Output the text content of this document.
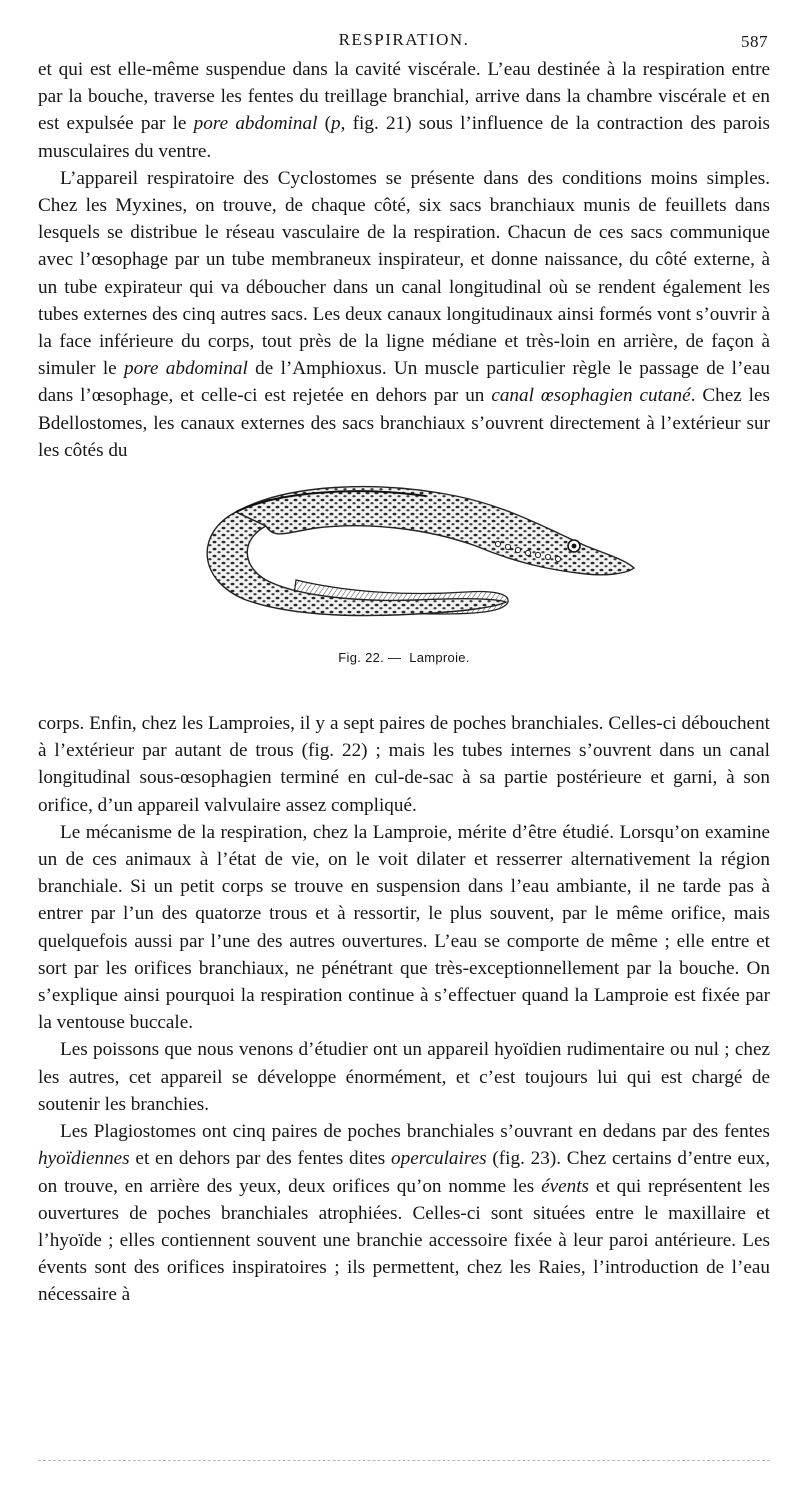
RESPIRATION.	587

et qui est elle-même suspendue dans la cavité viscérale. L’eau destinée à la respiration entre par la bouche, traverse les fentes du treillage branchial, arrive dans la chambre viscérale et en est expulsée par le pore abdominal (p, fig. 21) sous l’influence de la contraction des parois musculaires du ventre.

L’appareil respiratoire des Cyclostomes se présente dans des conditions moins simples. Chez les Myxines, on trouve, de chaque côté, six sacs branchiaux munis de feuillets dans lesquels se distribue le réseau vasculaire de la respiration. Chacun de ces sacs communique avec l’œsophage par un tube membraneux inspirateur, et donne naissance, du côté externe, à un tube expirateur qui va déboucher dans un canal longitudinal où se rendent également les tubes externes des cinq autres sacs. Les deux canaux longitudinaux ainsi formés vont s’ouvrir à la face inférieure du corps, tout près de la ligne médiane et très-loin en arrière, de façon à simuler le pore abdominal de l’Amphioxus. Un muscle particulier règle le passage de l’eau dans l’œsophage, et celle-ci est rejetée en dehors par un canal œsophagien cutané. Chez les Bdellostomes, les canaux externes des sacs branchiaux s’ouvrent directement à l’extérieur sur les côtés du

Fig. 22. — Lamproie.

corps. Enfin, chez les Lamproies, il y a sept paires de poches branchiales. Celles-ci débouchent à l’extérieur par autant de trous (fig. 22) ; mais les tubes internes s’ouvrent dans un canal longitudinal sous-œsophagien terminé en cul-de-sac à sa partie postérieure et garni, à son orifice, d’un appareil valvulaire assez compliqué.

Le mécanisme de la respiration, chez la Lamproie, mérite d’être étudié. Lorsqu’on examine un de ces animaux à l’état de vie, on le voit dilater et resserrer alternativement la région branchiale. Si un petit corps se trouve en suspension dans l’eau ambiante, il ne tarde pas à entrer par l’un des quatorze trous et à ressortir, le plus souvent, par le même orifice, mais quelquefois aussi par l’une des autres ouvertures. L’eau se comporte de même ; elle entre et sort par les orifices branchiaux, ne pénétrant que très-exceptionnellement par la bouche. On s’explique ainsi pourquoi la respiration continue à s’effectuer quand la Lamproie est fixée par la ventouse buccale.

Les poissons que nous venons d’étudier ont un appareil hyoïdien rudimentaire ou nul ; chez les autres, cet appareil se développe énormément, et c’est toujours lui qui est chargé de soutenir les branchies.

Les Plagiostomes ont cinq paires de poches branchiales s’ouvrant en dedans par des fentes hyoïdiennes et en dehors par des fentes dites operculaires (fig. 23). Chez certains d’entre eux, on trouve, en arrière des yeux, deux orifices qu’on nomme les évents et qui représentent les ouvertures de poches branchiales atrophiées. Celles-ci sont situées entre le maxillaire et l’hyoïde ; elles contiennent souvent une branchie accessoire fixée à leur paroi antérieure. Les évents sont des orifices inspiratoires ; ils permettent, chez les Raies, l’introduction de l’eau nécessaire à
